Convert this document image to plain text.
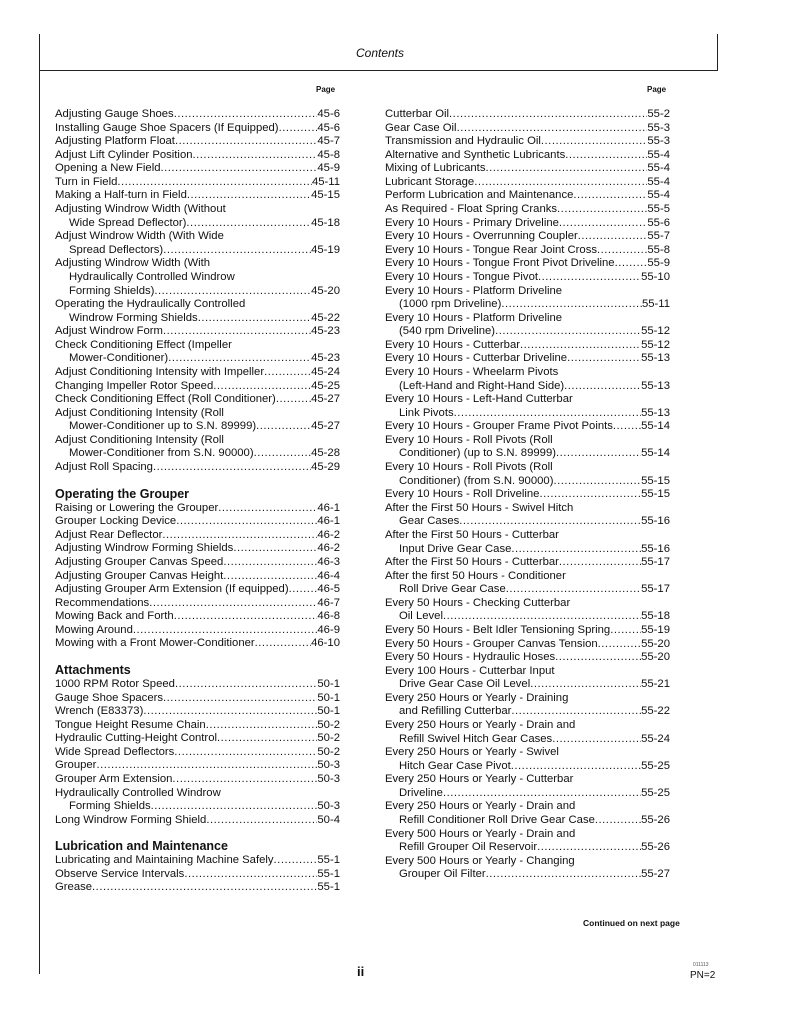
Contents
Page	Page
Adjusting Gauge Shoes .....	45-6
Installing Gauge Shoe Spacers (If Equipped) .....	45-6
Adjusting Platform Float .....	45-7
Adjust Lift Cylinder Position .....	45-8
Opening a New Field .....	45-9
Turn in Field .....	45-11
Making a Half-turn in Field .....	45-15
Adjusting Windrow Width (Without
Wide Spread Deflector) .....	45-18
Adjust Windrow Width (With Wide
Spread Deflectors) .....	45-19
Adjusting Windrow Width (With
Hydraulically Controlled Windrow
Forming Shields) .....	45-20
Operating the Hydraulically Controlled
Windrow Forming Shields .....	45-22
Adjust Windrow Form .....	45-23
Check Conditioning Effect (Impeller
Mower-Conditioner) .....	45-23
Adjust Conditioning Intensity with Impeller .....	45-24
Changing Impeller Rotor Speed .....	45-25
Check Conditioning Effect (Roll Conditioner) .....	45-27
Adjust Conditioning Intensity (Roll
Mower-Conditioner up to S.N. 89999) .....	45-27
Adjust Conditioning Intensity (Roll
Mower-Conditioner from S.N. 90000) .....	45-28
Adjust Roll Spacing .....	45-29
Operating the Grouper
Raising or Lowering the Grouper .....	46-1
Grouper Locking Device .....	46-1
Adjust Rear Deflector .....	46-2
Adjusting Windrow Forming Shields .....	46-2
Adjusting Grouper Canvas Speed .....	46-3
Adjusting Grouper Canvas Height .....	46-4
Adjusting Grouper Arm Extension (If equipped) .....	46-5
Recommendations .....	46-7
Mowing Back and Forth .....	46-8
Mowing Around .....	46-9
Mowing with a Front Mower-Conditioner .....	46-10
Attachments
1000 RPM Rotor Speed .....	50-1
Gauge Shoe Spacers .....	50-1
Wrench (E83373) .....	50-1
Tongue Height Resume Chain .....	50-2
Hydraulic Cutting-Height Control .....	50-2
Wide Spread Deflectors .....	50-2
Grouper .....	50-3
Grouper Arm Extension .....	50-3
Hydraulically Controlled Windrow
Forming Shields .....	50-3
Long Windrow Forming Shield .....	50-4
Lubrication and Maintenance
Lubricating and Maintaining Machine Safely .....	55-1
Observe Service Intervals .....	55-1
Grease .....	55-1
Cutterbar Oil .....	55-2
Gear Case Oil .....	55-3
Transmission and Hydraulic Oil .....	55-3
Alternative and Synthetic Lubricants .....	55-4
Mixing of Lubricants .....	55-4
Lubricant Storage .....	55-4
Perform Lubrication and Maintenance .....	55-4
As Required - Float Spring Cranks .....	55-5
Every 10 Hours - Primary Driveline .....	55-6
Every 10 Hours - Overrunning Coupler .....	55-7
Every 10 Hours - Tongue Rear Joint Cross .....	55-8
Every 10 Hours - Tongue Front Pivot Driveline .....	55-9
Every 10 Hours - Tongue Pivot .....	55-10
Every 10 Hours - Platform Driveline
(1000 rpm Driveline) .....	55-11
Every 10 Hours - Platform Driveline
(540 rpm Driveline) .....	55-12
Every 10 Hours - Cutterbar .....	55-12
Every 10 Hours - Cutterbar Driveline .....	55-13
Every 10 Hours - Wheelarm Pivots
(Left-Hand and Right-Hand Side) .....	55-13
Every 10 Hours - Left-Hand Cutterbar
Link Pivots .....	55-13
Every 10 Hours - Grouper Frame Pivot Points ..... 55-14
Every 10 Hours - Roll Pivots (Roll
Conditioner) (up to S.N. 89999) .....	55-14
Every 10 Hours - Roll Pivots (Roll
Conditioner) (from S.N. 90000) .....	55-15
Every 10 Hours - Roll Driveline .....	55-15
After the First 50 Hours - Swivel Hitch
Gear Cases .....	55-16
After the First 50 Hours - Cutterbar
Input Drive Gear Case .....	55-16
After the First 50 Hours - Cutterbar .....	55-17
After the first 50 Hours - Conditioner
Roll Drive Gear Case .....	55-17
Every 50 Hours - Checking Cutterbar
Oil Level .....	55-18
Every 50 Hours - Belt Idler Tensioning Spring .....	55-19
Every 50 Hours - Grouper Canvas Tension .....	55-20
Every 50 Hours - Hydraulic Hoses .....	55-20
Every 100 Hours - Cutterbar Input
Drive Gear Case Oil Level .....	55-21
Every 250 Hours or Yearly - Draining
and Refilling Cutterbar .....	55-22
Every 250 Hours or Yearly - Drain and
Refill Swivel Hitch Gear Cases .....	55-24
Every 250 Hours or Yearly - Swivel
Hitch Gear Case Pivot .....	55-25
Every 250 Hours or Yearly - Cutterbar
Driveline .....	55-25
Every 250 Hours or Yearly - Drain and
Refill Conditioner Roll Drive Gear Case .....	55-26
Every 500 Hours or Yearly - Drain and
Refill Grouper Oil Reservoir .....	55-26
Every 500 Hours or Yearly - Changing
Grouper Oil Filter .....	55-27
Continued on next page
ii	011113
PN=2
